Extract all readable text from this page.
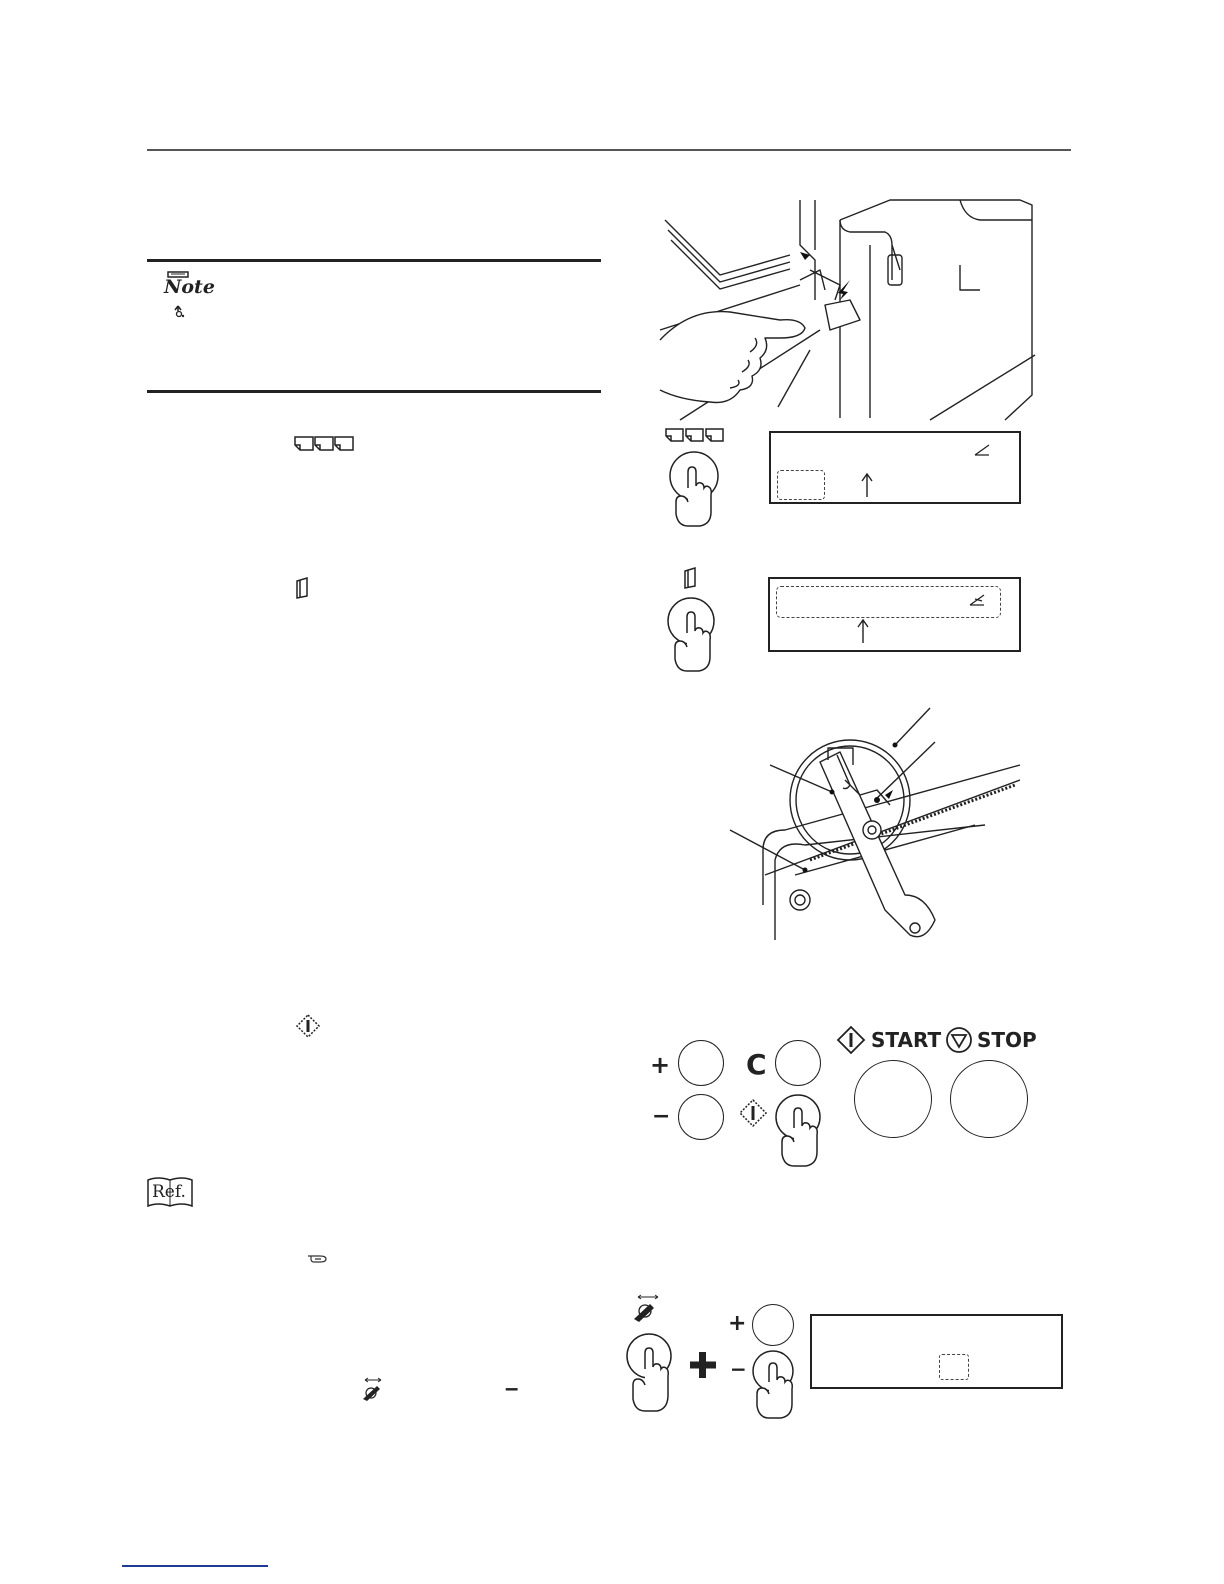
Note
Ref.
–
+
−
C
START STOP
+
−
